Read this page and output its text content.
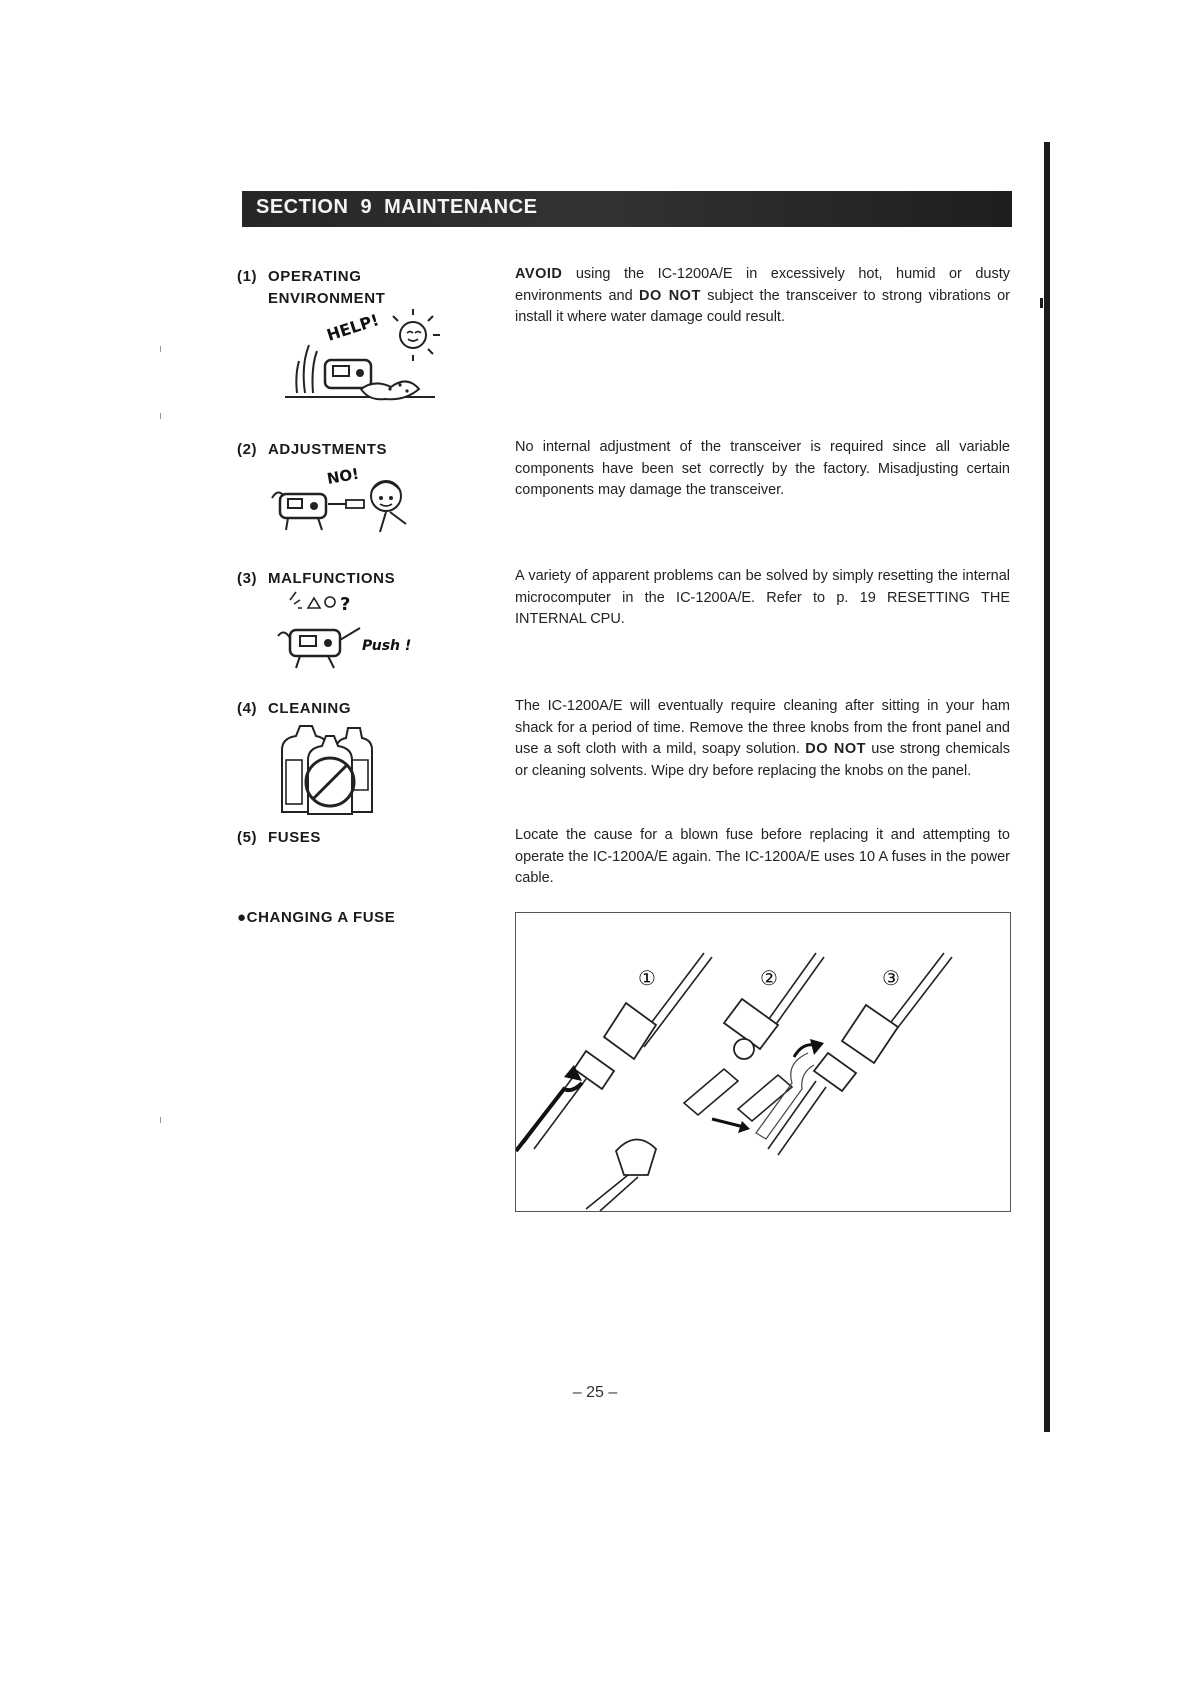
SECTION 9 MAINTENANCE
(1) OPERATING
ENVIRONMENT
HELP!
AVOID using the IC-1200A/E in excessively hot, humid or dusty environments and DO NOT subject the transceiver to strong vibrations or install it where water damage could result.
(2) ADJUSTMENTS
NO!
No internal adjustment of the transceiver is required since all variable components have been set correctly by the factory. Misadjusting certain components may damage the transceiver.
(3) MALFUNCTIONS
?
Push !
A variety of apparent problems can be solved by simply resetting the internal microcomputer in the IC-1200A/E. Refer to p. 19 RESETTING THE INTERNAL CPU.
(4) CLEANING	The IC-1200A/E will eventually require cleaning after sitting in your ham shack for a period of time. Remove the three knobs from the front panel and use a soft cloth with a mild, soapy solution. DO NOT use strong chemicals or cleaning solvents. Wipe dry before replacing the knobs on the panel.
(5) FUSES	Locate the cause for a blown fuse before replacing it and attempting to operate the IC-1200A/E again. The IC-1200A/E uses 10 A fuses in the power cable.
●CHANGING A FUSE
①	②	③
– 25 –
